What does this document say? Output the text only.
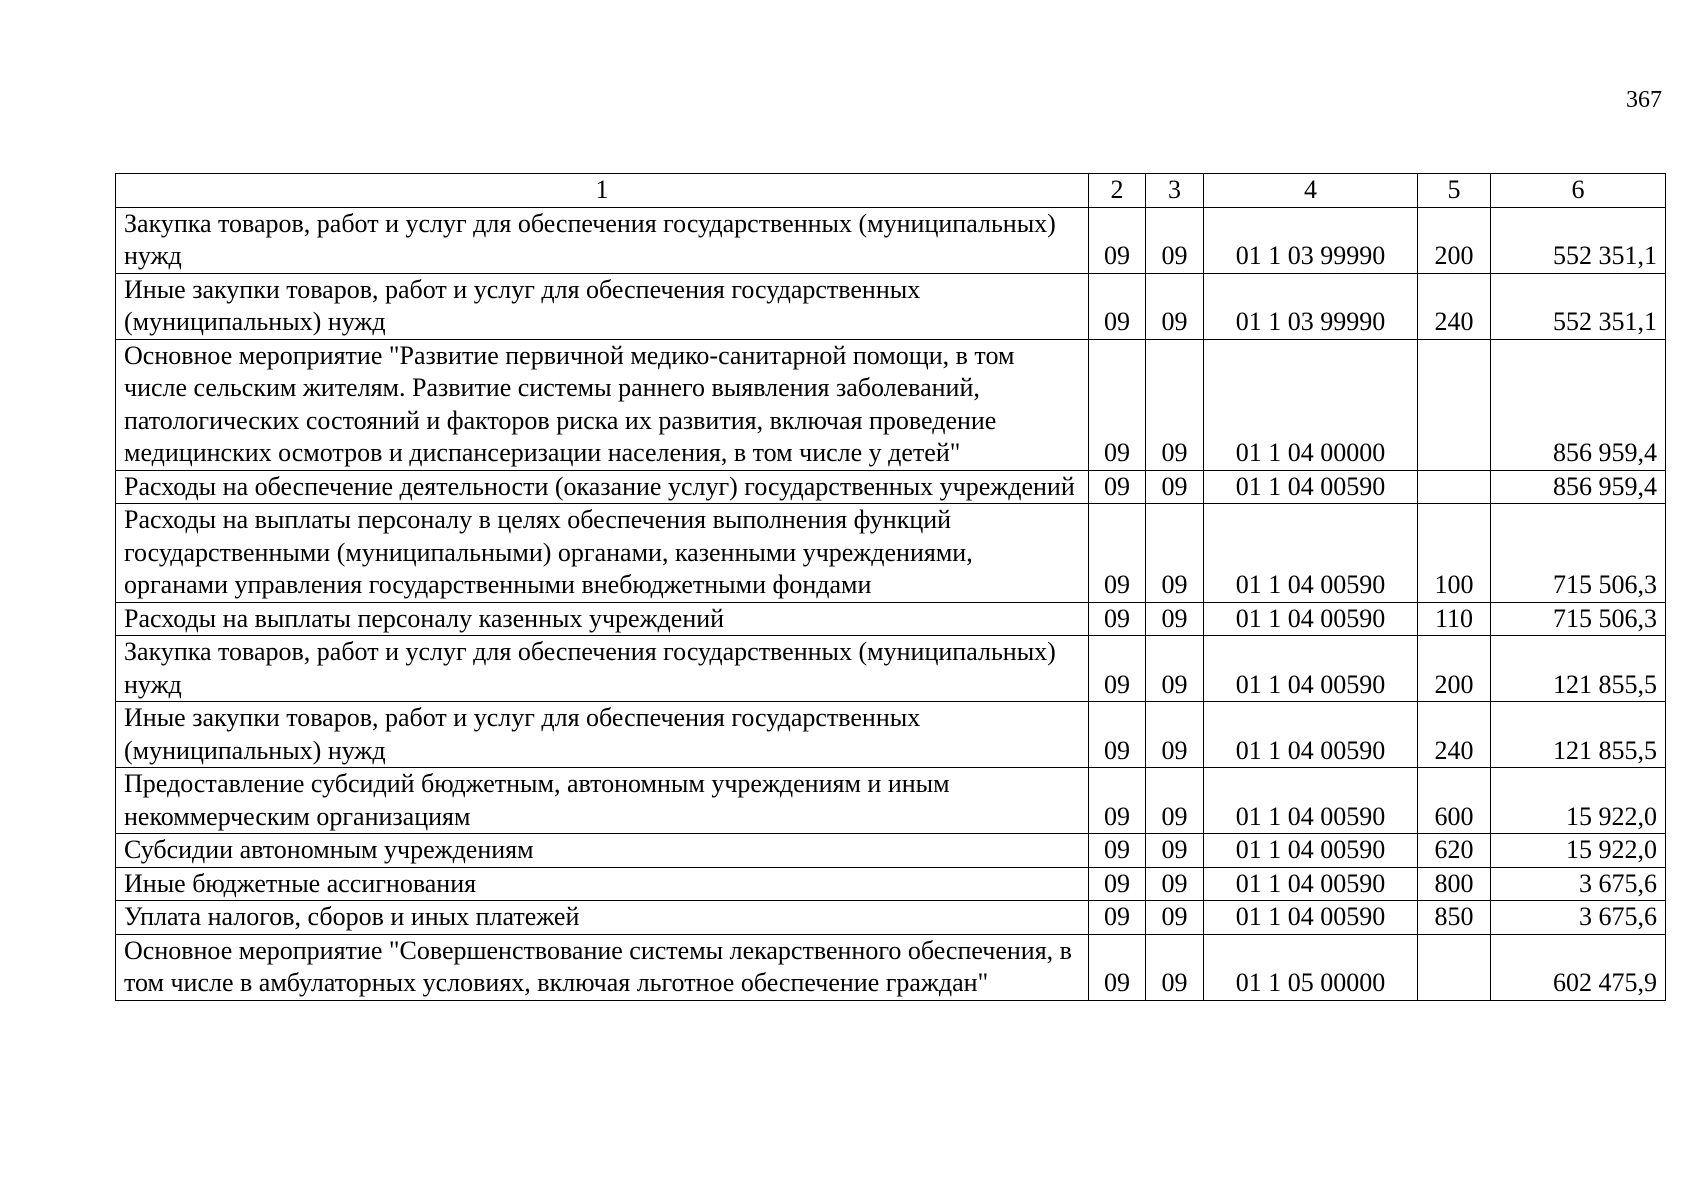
367
1	2	3	4	5	6
Закупка товаров, работ и услуг для обеспечения государственных (муниципальных) нужд	09	09	01 1 03 99990	200	552 351,1
Иные закупки товаров, работ и услуг для обеспечения государственных (муниципальных) нужд	09	09	01 1 03 99990	240	552 351,1
Основное мероприятие "Развитие первичной медико-санитарной помощи, в том числе сельским жителям. Развитие системы раннего выявления заболеваний, патологических состояний и факторов риска их развития, включая проведение медицинских осмотров и диспансеризации населения, в том числе у детей"	09	09	01 1 04 00000		856 959,4
Расходы на обеспечение деятельности (оказание услуг) государственных учреждений	09	09	01 1 04 00590		856 959,4
Расходы на выплаты персоналу в целях обеспечения выполнения функций государственными (муниципальными) органами, казенными учреждениями, органами управления государственными внебюджетными фондами	09	09	01 1 04 00590	100	715 506,3
Расходы на выплаты персоналу казенных учреждений	09	09	01 1 04 00590	110	715 506,3
Закупка товаров, работ и услуг для обеспечения государственных (муниципальных) нужд	09	09	01 1 04 00590	200	121 855,5
Иные закупки товаров, работ и услуг для обеспечения государственных (муниципальных) нужд	09	09	01 1 04 00590	240	121 855,5
Предоставление субсидий бюджетным, автономным учреждениям и иным некоммерческим организациям	09	09	01 1 04 00590	600	15 922,0
Субсидии автономным учреждениям	09	09	01 1 04 00590	620	15 922,0
Иные бюджетные ассигнования	09	09	01 1 04 00590	800	3 675,6
Уплата налогов, сборов и иных платежей	09	09	01 1 04 00590	850	3 675,6
Основное мероприятие "Совершенствование системы лекарственного обеспечения, в том числе в амбулаторных условиях, включая льготное обеспечение граждан"	09	09	01 1 05 00000		602 475,9
